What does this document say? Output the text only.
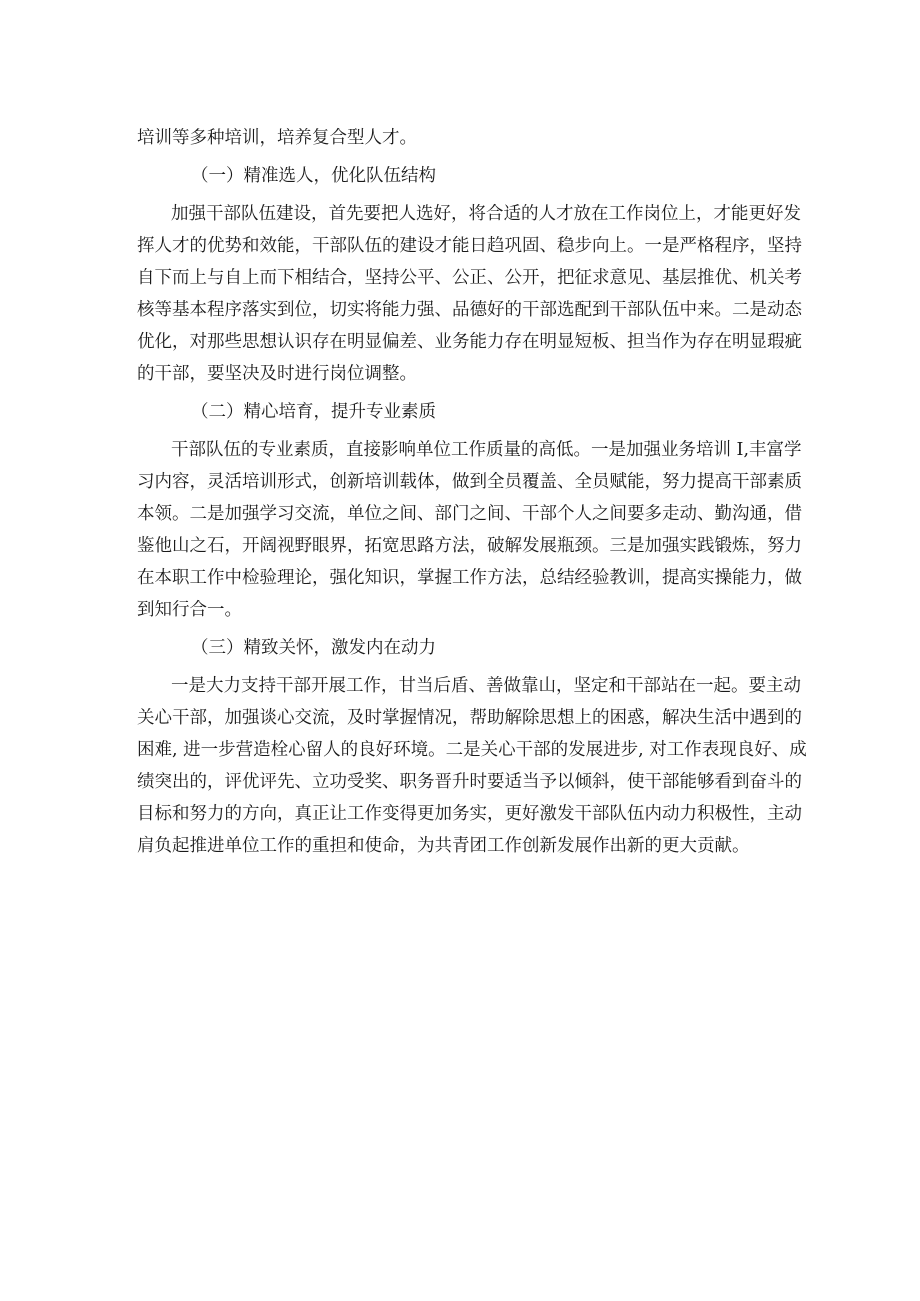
培训等多种培训，培养复合型人才。
（一）精准选人，优化队伍结构
加强干部队伍建设，首先要把人选好，将合适的人才放在工作岗位上，才能更好发
挥人才的优势和效能，干部队伍的建设才能日趋巩固、稳步向上。一是严格程序，坚持
自下而上与自上而下相结合，坚持公平、公正、公开，把征求意见、基层推优、机关考
核等基本程序落实到位，切实将能力强、品德好的干部选配到干部队伍中来。二是动态
优化，对那些思想认识存在明显偏差、业务能力存在明显短板、担当作为存在明显瑕疵
的干部，要坚决及时进行岗位调整。
（二）精心培育，提升专业素质
干部队伍的专业素质，直接影响单位工作质量的高低。一是加强业务培训 I,丰富学
习内容，灵活培训形式，创新培训载体，做到全员覆盖、全员赋能，努力提高干部素质
本领。二是加强学习交流，单位之间、部门之间、干部个人之间要多走动、勤沟通，借
鉴他山之石，开阔视野眼界，拓宽思路方法，破解发展瓶颈。三是加强实践锻炼，努力
在本职工作中检验理论，强化知识，掌握工作方法，总结经验教训，提高实操能力，做
到知行合一。
（三）精致关怀，激发内在动力
一是大力支持干部开展工作，甘当后盾、善做靠山，坚定和干部站在一起。要主动
关心干部，加强谈心交流，及时掌握情况，帮助解除思想上的困惑，解决生活中遇到的
困难, 进一步营造栓心留人的良好环境。二是关心干部的发展进步, 对工作表现良好、成
绩突出的，评优评先、立功受奖、职务晋升时要适当予以倾斜，使干部能够看到奋斗的
目标和努力的方向，真正让工作变得更加务实，更好激发干部队伍内动力积极性，主动
肩负起推进单位工作的重担和使命，为共青团工作创新发展作出新的更大贡献。
